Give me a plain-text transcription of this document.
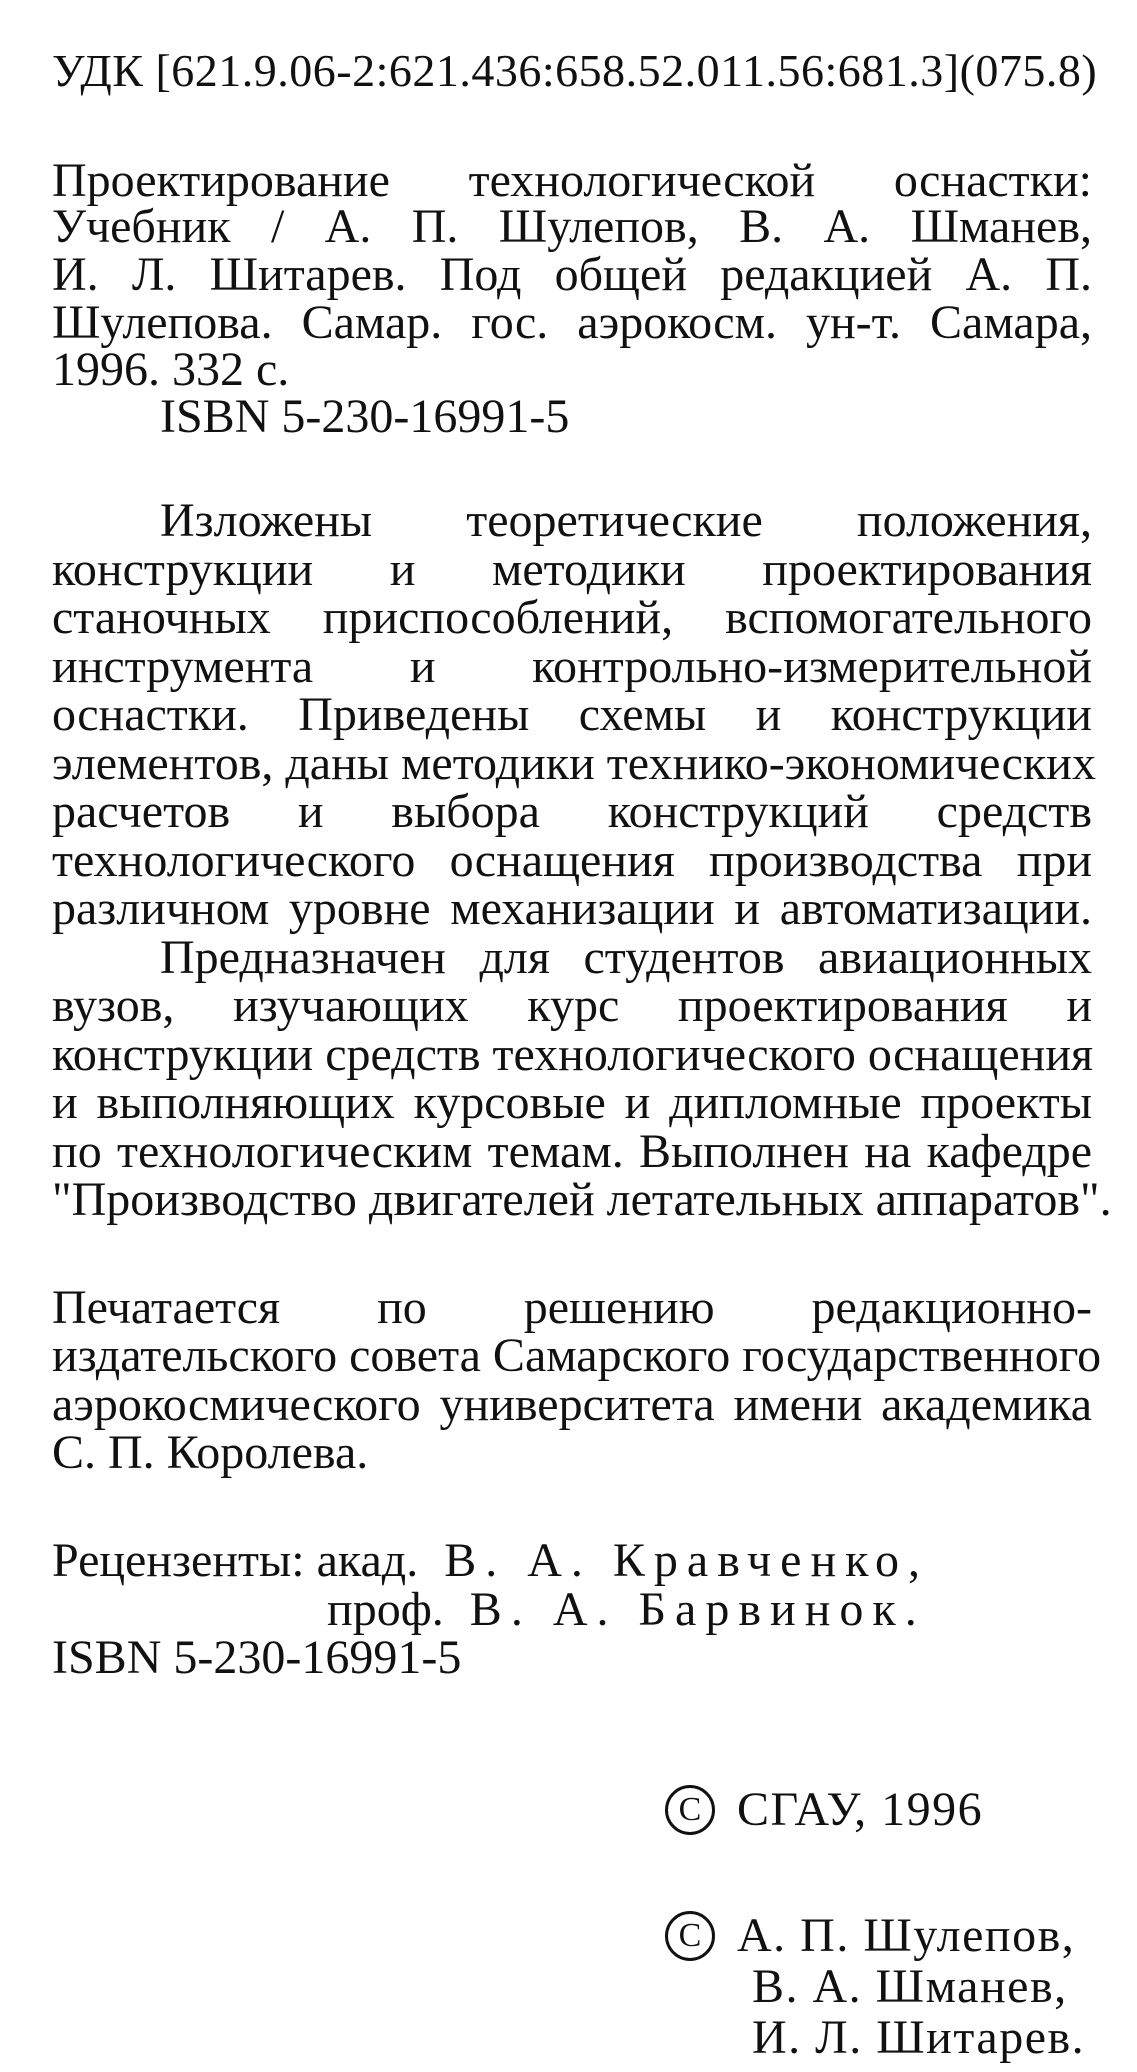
УДК [621.9.06-2:621.436:658.52.011.56:681.3](075.8)
Проектирование технологической оснастки:
Учебник / А. П. Шулепов, В. А. Шманев,
И. Л. Шитарев. Под общей редакцией А. П.
Шулепова. Самар. гос. аэрокосм. ун-т. Самара,
1996. 332 с.
ISBN 5-230-16991-5
Изложены теоретические положения,
конструкции и методики проектирования
станочных приспособлений, вспомогательного
инструмента и контрольно-измерительной
оснастки. Приведены схемы и конструкции
элементов, даны методики технико-экономических
расчетов и выбора конструкций средств
технологического оснащения производства при
различном уровне механизации и автоматизации.
Предназначен для студентов авиационных
вузов, изучающих курс проектирования и
конструкции средств технологического оснащения
и выполняющих курсовые и дипломные проекты
по технологическим темам. Выполнен на кафедре
"Производство двигателей летательных аппаратов".
Печатается по решению редакционно-
издательского совета Самарского государственного
аэрокосмического университета имени академика
С. П. Королева.
Рецензенты: акад. В. А. Кравченко,
проф. В. А. Барвинок.
ISBN 5-230-16991-5
C СГАУ, 1996
C А. П. Шулепов,
В. А. Шманев,
И. Л. Шитарев.
